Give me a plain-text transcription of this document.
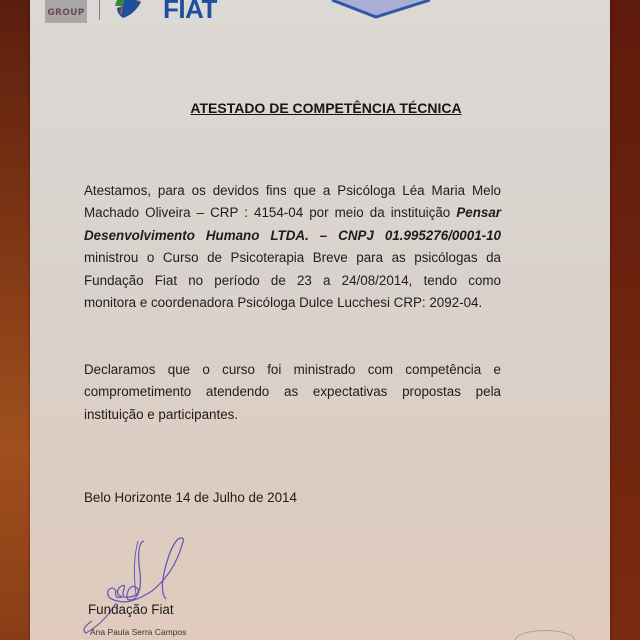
GROUP	FIAT
ATESTADO DE COMPETÊNCIA TÉCNICA
Atestamos, para os devidos fins que a Psicóloga Léa Maria Melo
Machado Oliveira – CRP : 4154-04 por meio da instituição Pensar
Desenvolvimento Humano LTDA. – CNPJ 01.995276/0001-10
ministrou o Curso de Psicoterapia Breve para as psicólogas da
Fundação Fiat no período de 23 a 24/08/2014, tendo como
monitora e coordenadora Psicóloga Dulce Lucchesi CRP: 2092-04.
Declaramos que o curso foi ministrado com competência e
comprometimento atendendo as expectativas propostas pela
instituição e participantes.
Belo Horizonte 14 de Julho de 2014
Fundação Fiat
Ana Paula Serra Campos
